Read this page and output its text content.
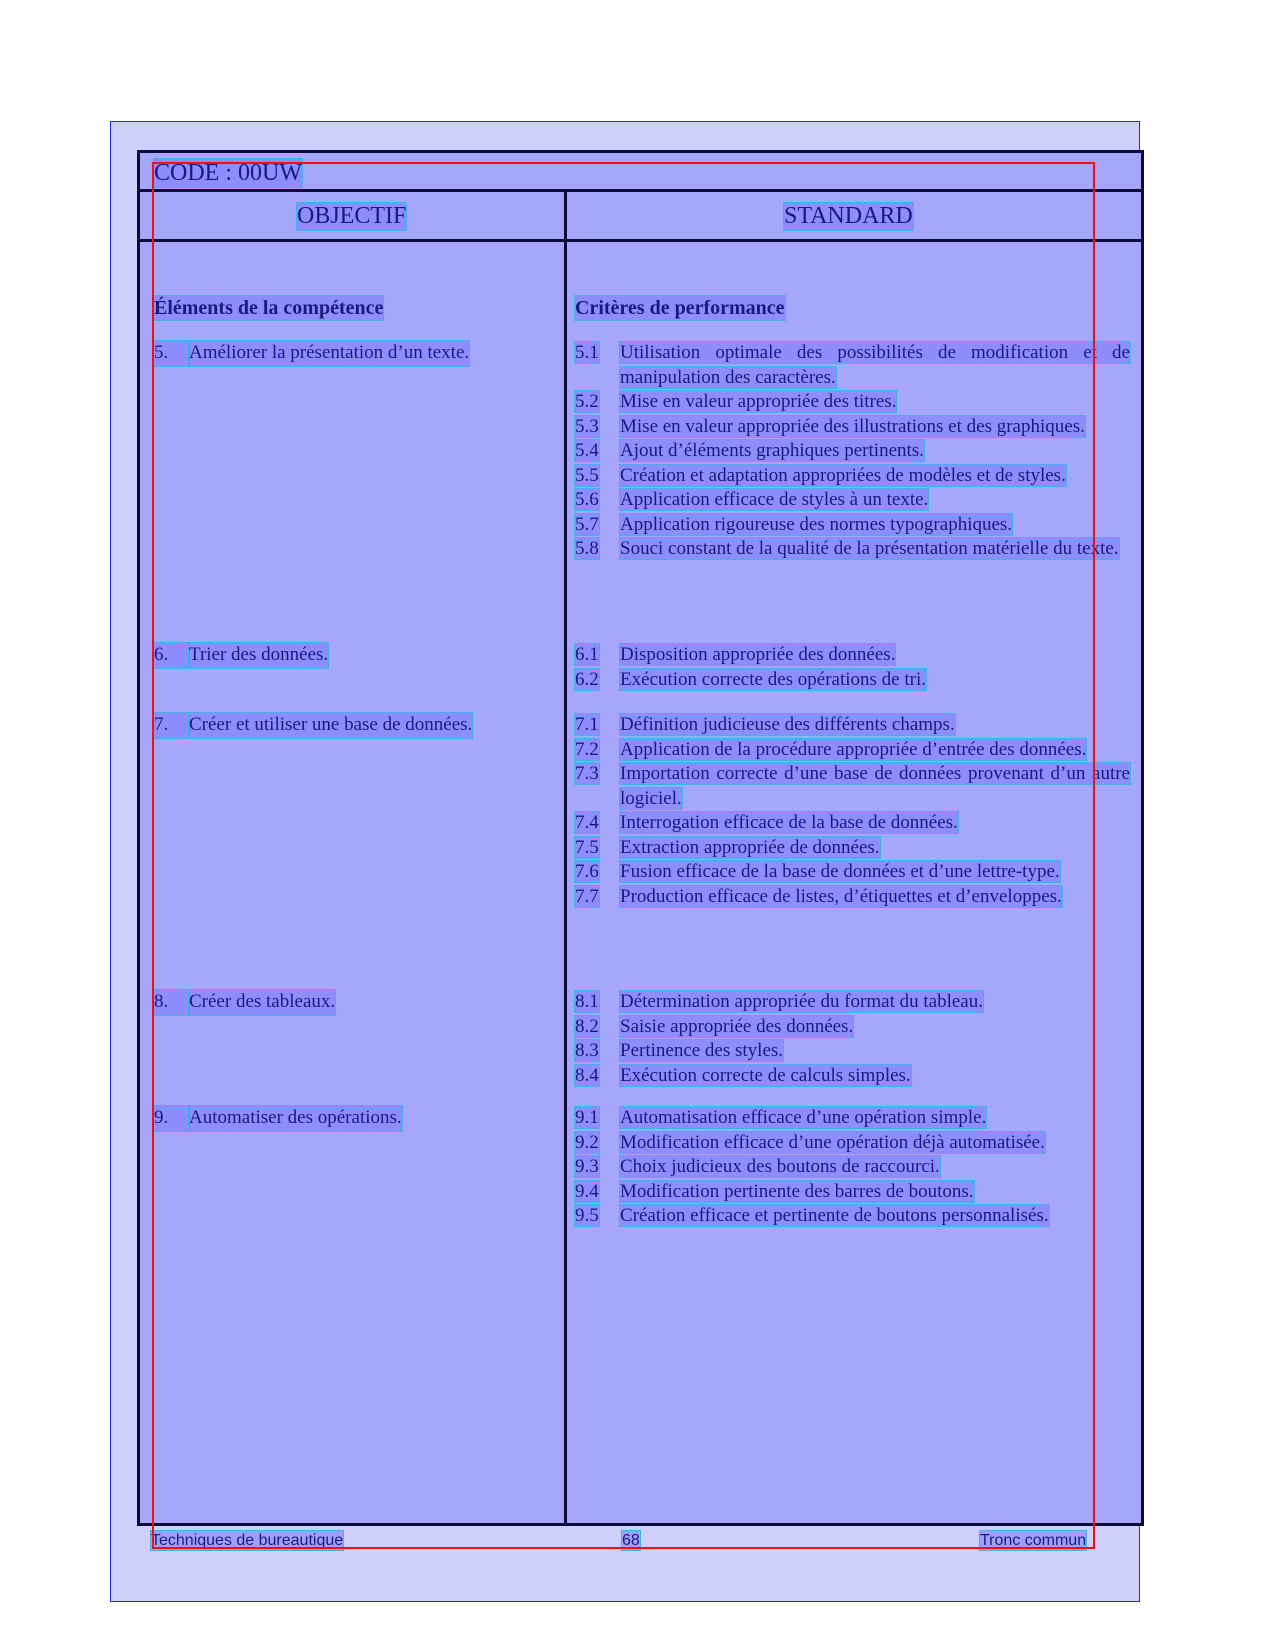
CODE : 00UW
OBJECTIF	STANDARD
Éléments de la compétence	Critères de performance
5.	Améliorer la présentation d’un texte.	5.1	Utilisation optimale des possibilités de modification et de manipulation des caractères.
5.2	Mise en valeur appropriée des titres.
5.3	Mise en valeur appropriée des illustrations et des graphiques.
5.4	Ajout d’éléments graphiques pertinents.
5.5	Création et adaptation appropriées de modèles et de styles.
5.6	Application efficace de styles à un texte.
5.7	Application rigoureuse des normes typographiques.
5.8	Souci constant de la qualité de la présentation matérielle du texte.
6.	Trier des données.	6.1	Disposition appropriée des données.
6.2	Exécution correcte des opérations de tri.
7.	Créer et utiliser une base de données.	7.1	Définition judicieuse des différents champs.
7.2	Application de la procédure appropriée d’entrée des données.
7.3	Importation correcte d’une base de données provenant d’un autre logiciel.
7.4	Interrogation efficace de la base de données.
7.5	Extraction appropriée de données.
7.6	Fusion efficace de la base de données et d’une lettre-type.
7.7	Production efficace de listes, d’étiquettes et d’enveloppes.
8.	Créer des tableaux.	8.1	Détermination appropriée du format du tableau.
8.2	Saisie appropriée des données.
8.3	Pertinence des styles.
8.4	Exécution correcte de calculs simples.
9.	Automatiser des opérations.	9.1	Automatisation efficace d’une opération simple.
9.2	Modification efficace d’une opération déjà automatisée.
9.3	Choix judicieux des boutons de raccourci.
9.4	Modification pertinente des barres de boutons.
9.5	Création efficace et pertinente de boutons personnalisés.
Techniques de bureautique	68	Tronc commun
